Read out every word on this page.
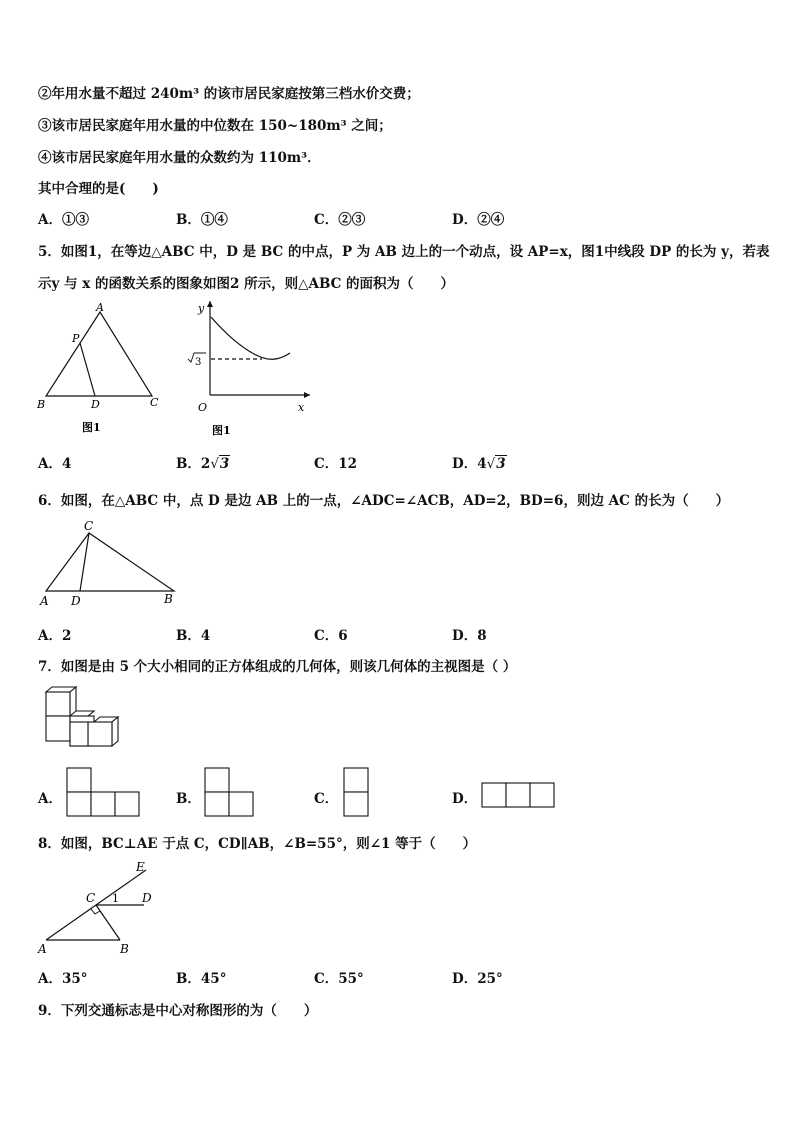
②年用水量不超过 240m³ 的该市居民家庭按第三档水价交费；
③该市居民家庭年用水量的中位数在 150~180m³ 之间；
④该市居民家庭年用水量的众数约为 110m³．
其中合理的是(　　)
A．①③	B．①④	C．②③	D．②④
5．如图1，在等边△ABC 中，D 是 BC 的中点，P 为 AB 边上的一个动点，设 AP=x，图1中线段 DP 的长为 y，若表
示y 与 x 的函数关系的图象如图2 所示，则△ABC 的面积为（　　）
A
P
B	D	C
图1
y
x
O
3
图1
A．4	B．2√3	C．12	D．4√3
6．如图，在△ABC 中，点 D 是边 AB 上的一点，∠ADC=∠ACB，AD=2，BD=6，则边 AC 的长为（　　）
C
A D	B
A．2	B．4	C．6	D．8
7．如图是由 5 个大小相同的正方体组成的几何体，则该几何体的主视图是（ ）
A．	B．	C．	D．
8．如图，BC⊥AE 于点 C，CD∥AB，∠B=55°，则∠1 等于（　　）
E
C 1 D
A	B
A．35°	B．45°	C．55°	D．25°
9．下列交通标志是中心对称图形的为（　　）
